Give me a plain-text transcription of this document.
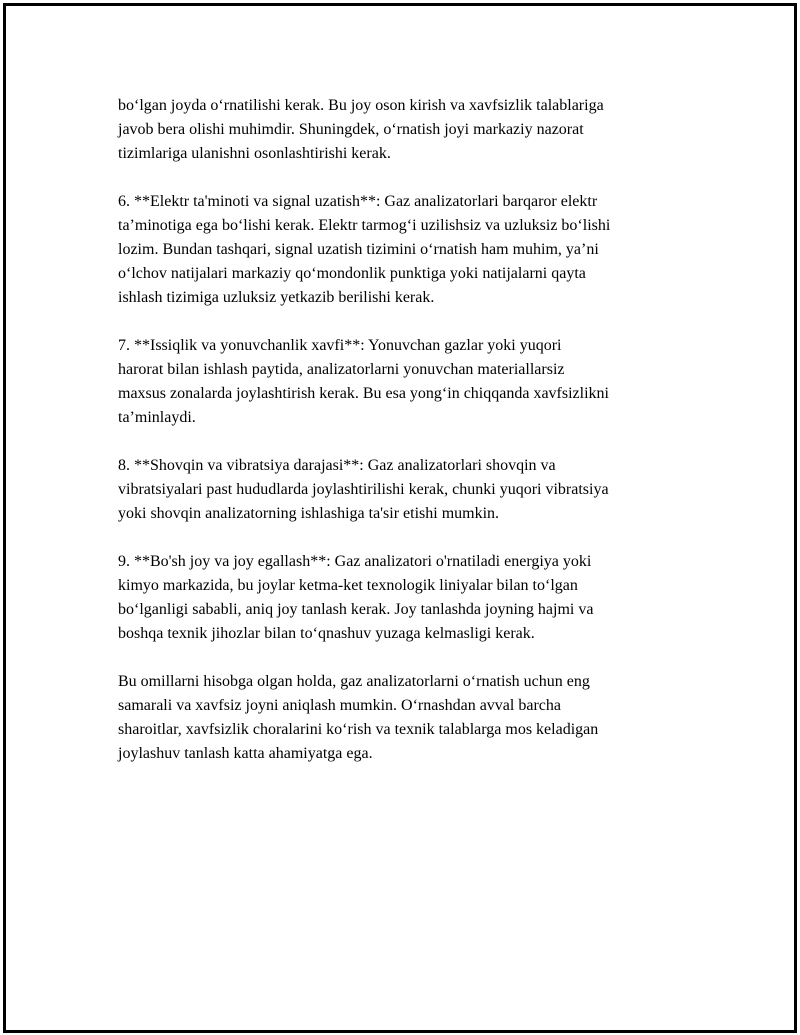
bo‘lgan joyda o‘rnatilishi kerak. Bu joy oson kirish va xavfsizlik talablariga
javob bera olishi muhimdir. Shuningdek, o‘rnatish joyi markaziy nazorat
tizimlariga ulanishni osonlashtirishi kerak.

6. **Elektr ta'minoti va signal uzatish**: Gaz analizatorlari barqaror elektr
ta’minotiga ega bo‘lishi kerak. Elektr tarmog‘i uzilishsiz va uzluksiz bo‘lishi
lozim. Bundan tashqari, signal uzatish tizimini o‘rnatish ham muhim, ya’ni
o‘lchov natijalari markaziy qo‘mondonlik punktiga yoki natijalarni qayta
ishlash tizimiga uzluksiz yetkazib berilishi kerak.

7. **Issiqlik va yonuvchanlik xavfi**: Yonuvchan gazlar yoki yuqori
harorat bilan ishlash paytida, analizatorlarni yonuvchan materiallarsiz
maxsus zonalarda joylashtirish kerak. Bu esa yong‘in chiqqanda xavfsizlikni
ta’minlaydi.

8. **Shovqin va vibratsiya darajasi**: Gaz analizatorlari shovqin va
vibratsiyalari past hududlarda joylashtirilishi kerak, chunki yuqori vibratsiya
yoki shovqin analizatorning ishlashiga ta'sir etishi mumkin.

9. **Bo'sh joy va joy egallash**: Gaz analizatori o'rnatiladi energiya yoki
kimyo markazida, bu joylar ketma-ket texnologik liniyalar bilan to‘lgan
bo‘lganligi sababli, aniq joy tanlash kerak. Joy tanlashda joyning hajmi va
boshqa texnik jihozlar bilan to‘qnashuv yuzaga kelmasligi kerak.

Bu omillarni hisobga olgan holda, gaz analizatorlarni o‘rnatish uchun eng
samarali va xavfsiz joyni aniqlash mumkin. O‘rnashdan avval barcha
sharoitlar, xavfsizlik choralarini ko‘rish va texnik talablarga mos keladigan
joylashuv tanlash katta ahamiyatga ega.
